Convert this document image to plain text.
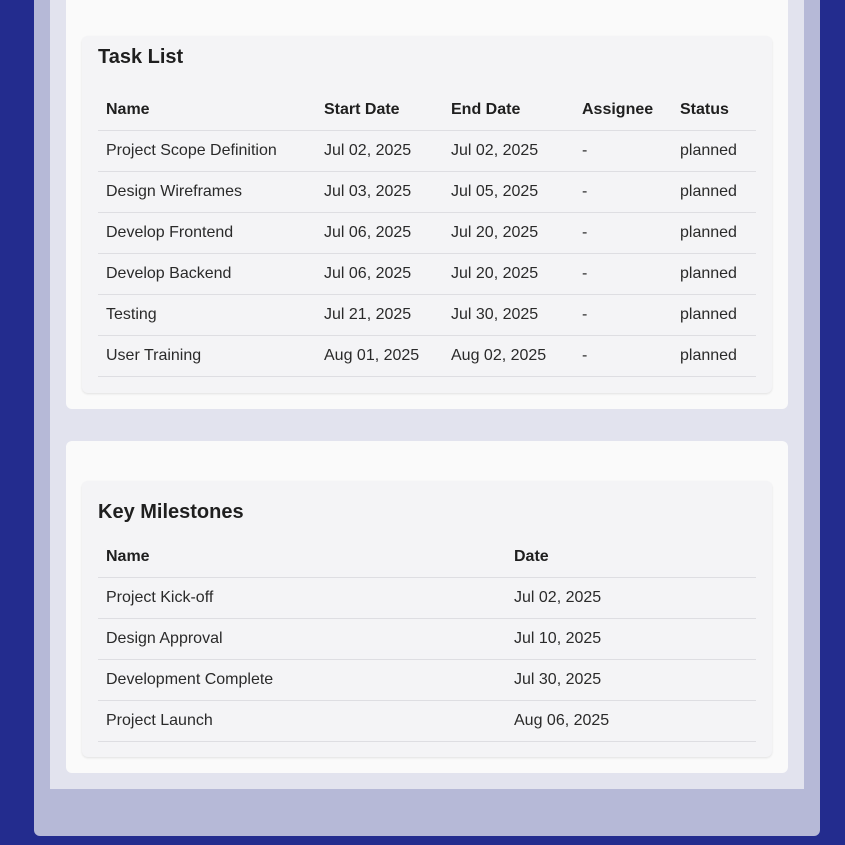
Task List
Name	Start Date	End Date	Assignee	Status
Project Scope Definition	Jul 02, 2025	Jul 02, 2025	-	planned
Design Wireframes	Jul 03, 2025	Jul 05, 2025	-	planned
Develop Frontend	Jul 06, 2025	Jul 20, 2025	-	planned
Develop Backend	Jul 06, 2025	Jul 20, 2025	-	planned
Testing	Jul 21, 2025	Jul 30, 2025	-	planned
User Training	Aug 01, 2025	Aug 02, 2025	-	planned
Key Milestones
Name	Date
Project Kick-off	Jul 02, 2025
Design Approval	Jul 10, 2025
Development Complete	Jul 30, 2025
Project Launch	Aug 06, 2025
